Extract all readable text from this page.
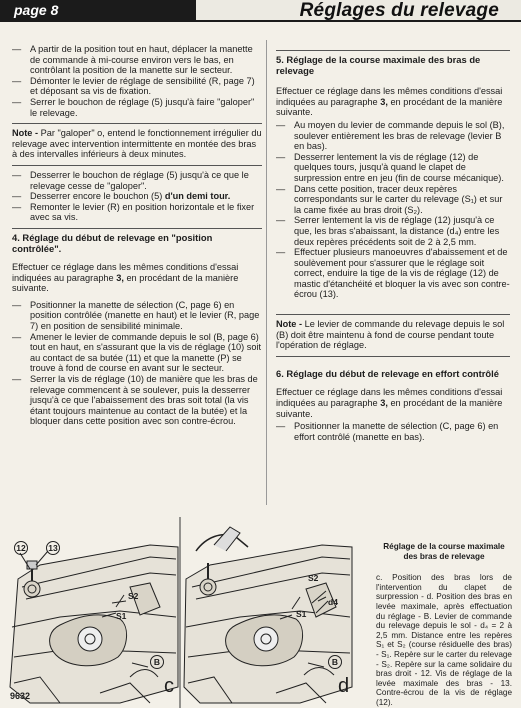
page 8	Réglages du relevage
— A partir de la position tout en haut, déplacer la manette de commande à mi-course environ vers le bas, en contrôlant la position de la manette sur le secteur.
— Démonter le levier de réglage de sensibilité (R, page 7) et déposant sa vis de fixation.
— Serrer le bouchon de réglage (5) jusqu'à faire "galoper" le relevage.

Note - Par "galoper" o, entend le fonctionnement irrégulier du relevage avec intervention intermittente en montée des bras à des intervalles inférieurs à deux minutes.

— Desserrer le bouchon de réglage (5) jusqu'à ce que le relevage cesse de "galoper".
— Desserrer encore le bouchon (5) d'un demi tour.
— Remonter le levier (R) en position horizontale et le fixer avec sa vis.
4. Réglage du début de relevage en "position contrôlée".

Effectuer ce réglage dans les mêmes conditions d'essai indiquées au paragraphe 3, en procédant de la manière suivante.

— Positionner la manette de sélection (C, page 6) en position contrôlée (manette en haut) et le levier (R, page 7) en position de sensibilité minimale.
— Amener le levier de commande depuis le sol (B, page 6) tout en haut, en s'assurant que la vis de réglage (10) soit au contact de sa butée (11) et que la manette (P) se trouve à fond de course en avant sur le secteur.
— Serrer la vis de réglage (10) de manière que les bras de relevage commencent à se soulever, puis la desserrer jusqu'à ce que l'abaissement des bras soit total (la vis étant toujours maintenue au contact de la butée) et la bloquer dans cette position avec son contre-écrou.
5. Réglage de la course maximale des bras de relevage

Effectuer ce réglage dans les mêmes conditions d'essai indiquées au paragraphe 3, en procédant de la manière suivante.

— Au moyen du levier de commande depuis le sol (B), soulever entièrement les bras de relevage (levier B en bas).
— Desserrer lentement la vis de réglage (12) de quelques tours, jusqu'à quand le clapet de surpression entre en jeu (fin de course mécanique).
— Dans cette position, tracer deux repères correspondants sur le carter du relevage (S₁) et sur la came fixée au bras droit (S₂).
— Serrer lentement la vis de réglage (12) jusqu'à ce que, les bras s'abaissant, la distance (d₄) entre les deux repères précédents soit de 2 à 2,5 mm.
— Effectuer plusieurs manoeuvres d'abaissement et de soulèvement pour s'assurer que le réglage soit correct, enduire la tige de la vis de réglage (12) de mastic d'étanchéité et bloquer la vis avec son contre-écrou (13).

Note - Le levier de commande du relevage depuis le sol (B) doit être maintenu à fond de course pendant toute l'opération de réglage.

6. Réglage du début de relevage en effort contrôlé

Effectuer ce réglage dans les mêmes conditions d'essai indiquées au paragraphe 3, en procédant de la manière suivante.

— Positionner la manette de sélection (C, page 6) en effort contrôlé (manette en bas).
12	13
S2
S1
B
9632	c
S2
d4
S1
B
d
Réglage de la course maximale des bras de relevage
c. Position des bras lors de l'intervention du clapet de surpression - d. Position des bras en levée maximale, après effectuation du réglage - B. Levier de commande du relevage depuis le sol - d₄ = 2 à 2,5 mm. Distance entre les repères S₁ et S₂ (course résiduelle des bras) - S₁. Repère sur le carter du relevage - S₂. Repère sur la came solidaire du bras droit - 12. Vis de réglage de la levée maximale des bras - 13. Contre-écrou de la vis de réglage (12).
